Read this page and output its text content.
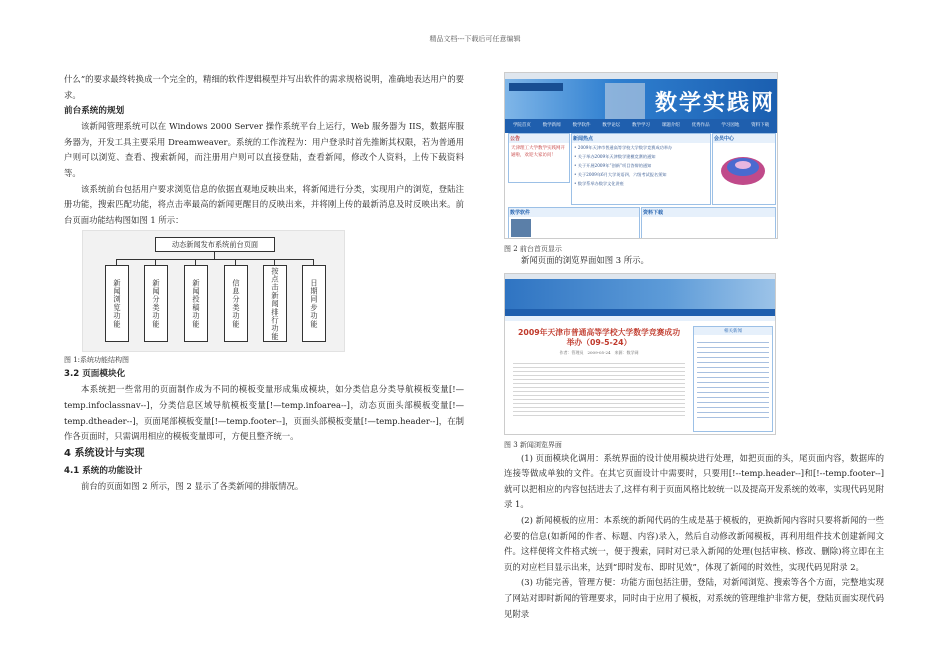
精品文档---下载后可任意编辑

什么”的要求最终转换成一个完全的，精细的软件逻辑模型并写出软件的需求规格说明，准确地表达用户的要求。

前台系统的规划

该新闻管理系统可以在 Windows 2000 Server 操作系统平台上运行，Web 服务器为 IIS，数据库服务器为，开发工具主要采用 Dreamweaver。系统的工作流程为：用户登录时首先推断其权限，若为普通用户则可以浏览、查看、搜索新闻，而注册用户则可以直接登陆，查看新闻，修改个人资料，上传下载资料等。

该系统前台包括用户要求浏览信息的依据直观地反映出来，将新闻进行分类，实现用户的浏览，登陆注册功能，搜索匹配功能，将点击率最高的新闻更醒目的反映出来，并将刚上传的最新消息及时反映出来。前台页面功能结构图如图 1 所示：

动态新闻发布系统前台页面
新闻浏览功能	新闻分类功能	新闻投稿功能	信息分类功能	按点击新闻排行功能	日期同步功能

图 1:系统功能结构图

3.2 页面模块化

本系统把一些常用的页面制作成为不同的模板变量形成集成模块，如分类信息分类导航模板变量[!—temp.infoclassnav--]，分类信息区域导航模板变量[!—temp.infoarea--]，动态页面头部模板变量[!—temp.dtheader--]，页面尾部模板变量[!—temp.footer--]，页面头部模板变量[!—temp.header--]，在制作各页面时，只需调用相应的模板变量即可，方便且整齐统一。

4 系统设计与实现
4.1 系统的功能设计

前台的页面如图 2 所示，图 2 显示了各类新闻的排版情况。

数学实践网
学院首页	数学新闻	数学软件	数学论坛	数学学习	课题介绍	优秀作品	学习园地	资料下载
公告
天津理工大学数学实践网开通啦，欢迎大家访问！
新闻热点
• 2009年天津市普通高等学校大学数学竞赛成功举办
• 关于举办2009年天津数学建模竞赛的通知
• 关于开展2009年“创新”项目答辩的通知
• 关于2009年6月大学英语四、六级考试报名须知
• 数学系举办数学文化讲座
会员中心
数学软件	资料下载

图 2 前台首页显示

新闻页面的浏览界面如图 3 所示。

2009年天津市普通高等学校大学数学竞赛成功举办（09-5-24）
作者：管理员　2009-05-24　来源：数学网
相关新闻

图 3 新闻浏览界面

(1) 页面模块化调用：系统界面的设计使用模块进行处理，如把页面的头，尾页面内容，数据库的连接等做成单独的文件。在其它页面设计中需要时，只要用[!--temp.header--]和[!--temp.footer--]就可以把相应的内容包括进去了,这样有利于页面风格比较统一以及提高开发系统的效率，实现代码见附录 1。

(2) 新闻模板的应用：本系统的新闻代码的生成是基于模板的，更换新闻内容时只要将新闻的一些必要的信息(如新闻的作者、标题、内容)录入，然后自动修改新闻模板，再利用组件技术创建新闻文件。这样便将文件格式统一，便于搜索，同时对已录入新闻的处理(包括审核、修改、删除)将立即在主页的对应栏目显示出来，达到“即时发布、即时见效”，体现了新闻的时效性，实现代码见附录 2。

(3) 功能完善，管理方便：功能方面包括注册，登陆，对新闻浏览、搜索等各个方面，完整地实现了网站对即时新闻的管理要求，同时由于应用了模板，对系统的管理维护非常方便，登陆页面实现代码见附录
